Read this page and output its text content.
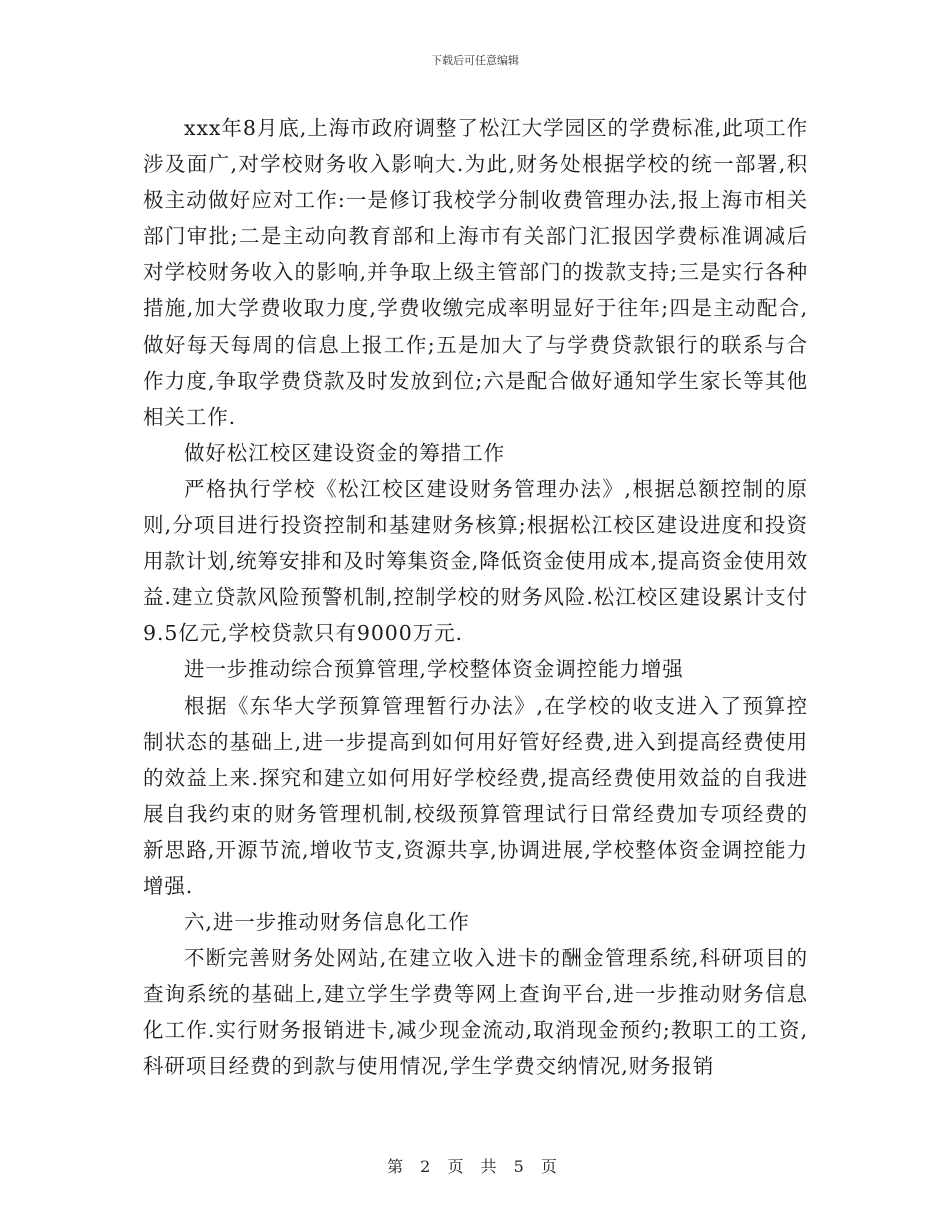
下载后可任意编辑

xxx年8月底,上海市政府调整了松江大学园区的学费标准,此项工作涉及面广,对学校财务收入影响大.为此,财务处根据学校的统一部署,积极主动做好应对工作:一是修订我校学分制收费管理办法,报上海市相关部门审批;二是主动向教育部和上海市有关部门汇报因学费标准调减后对学校财务收入的影响,并争取上级主管部门的拨款支持;三是实行各种措施,加大学费收取力度,学费收缴完成率明显好于往年;四是主动配合,做好每天每周的信息上报工作;五是加大了与学费贷款银行的联系与合作力度,争取学费贷款及时发放到位;六是配合做好通知学生家长等其他相关工作.

做好松江校区建设资金的筹措工作

严格执行学校《松江校区建设财务管理办法》,根据总额控制的原则,分项目进行投资控制和基建财务核算;根据松江校区建设进度和投资用款计划,统筹安排和及时筹集资金,降低资金使用成本,提高资金使用效益.建立贷款风险预警机制,控制学校的财务风险.松江校区建设累计支付9.5亿元,学校贷款只有9000万元.

进一步推动综合预算管理,学校整体资金调控能力增强

根据《东华大学预算管理暂行办法》,在学校的收支进入了预算控制状态的基础上,进一步提高到如何用好管好经费,进入到提高经费使用的效益上来.探究和建立如何用好学校经费,提高经费使用效益的自我进展自我约束的财务管理机制,校级预算管理试行日常经费加专项经费的新思路,开源节流,增收节支,资源共享,协调进展,学校整体资金调控能力增强.

六,进一步推动财务信息化工作

不断完善财务处网站,在建立收入进卡的酬金管理系统,科研项目的查询系统的基础上,建立学生学费等网上查询平台,进一步推动财务信息化工作.实行财务报销进卡,减少现金流动,取消现金预约;教职工的工资,科研项目经费的到款与使用情况,学生学费交纳情况,财务报销

第 2 页 共 5 页
